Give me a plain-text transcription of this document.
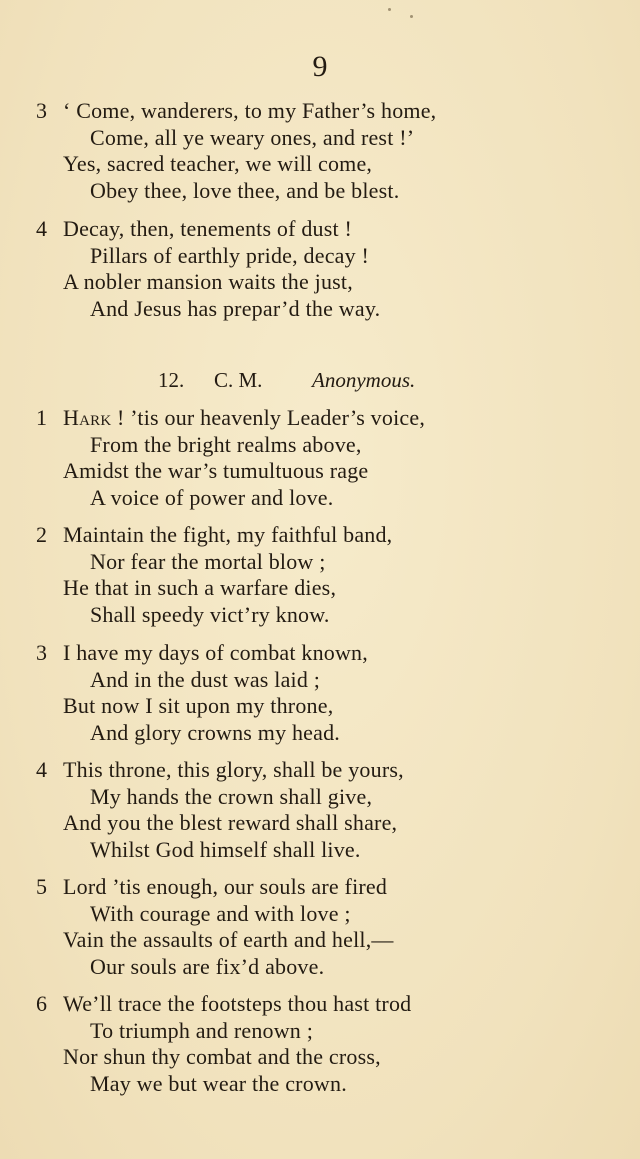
9
3 ‘ Come, wanderers, to my Father’s home,
Come, all ye weary ones, and rest !’
Yes, sacred teacher, we will come,
Obey thee, love thee, and be blest.
4 Decay, then, tenements of dust !
Pillars of earthly pride, decay !
A nobler mansion waits the just,
And Jesus has prepar’d the way.
12. C. M. Anonymous.
1 Hark ! ’tis our heavenly Leader’s voice,
From the bright realms above,
Amidst the war’s tumultuous rage
A voice of power and love.
2 Maintain the fight, my faithful band,
Nor fear the mortal blow ;
He that in such a warfare dies,
Shall speedy vict’ry know.
3 I have my days of combat known,
And in the dust was laid ;
But now I sit upon my throne,
And glory crowns my head.
4 This throne, this glory, shall be yours,
My hands the crown shall give,
And you the blest reward shall share,
Whilst God himself shall live.
5 Lord ’tis enough, our souls are fired
With courage and with love ;
Vain the assaults of earth and hell,—
Our souls are fix’d above.
6 We’ll trace the footsteps thou hast trod
To triumph and renown ;
Nor shun thy combat and the cross,
May we but wear the crown.
